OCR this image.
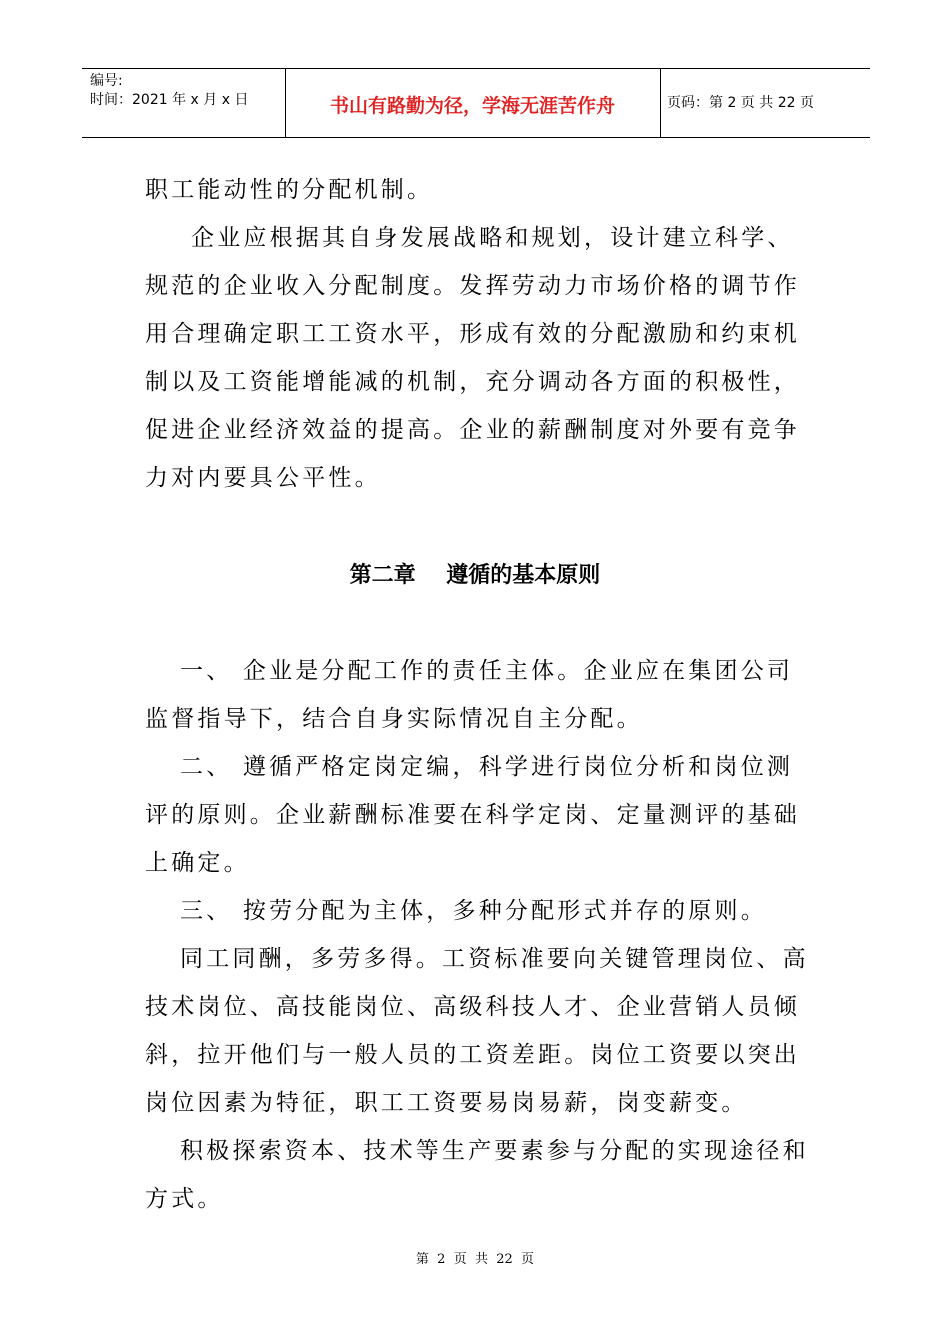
编号:
时间：2021 年 x 月 x 日	书山有路勤为径，学海无涯苦作舟	页码：第 2 页 共 22 页

职工能动性的分配机制。

企业应根据其自身发展战略和规划，设计建立科学、规范的企业收入分配制度。发挥劳动力市场价格的调节作用合理确定职工工资水平，形成有效的分配激励和约束机制以及工资能增能减的机制，充分调动各方面的积极性，促进企业经济效益的提高。企业的薪酬制度对外要有竞争力对内要具公平性。

第二章    遵循的基本原则

一、 企业是分配工作的责任主体。企业应在集团公司监督指导下，结合自身实际情况自主分配。

二、 遵循严格定岗定编，科学进行岗位分析和岗位测评的原则。企业薪酬标准要在科学定岗、定量测评的基础上确定。

三、 按劳分配为主体，多种分配形式并存的原则。

同工同酬，多劳多得。工资标准要向关键管理岗位、高技术岗位、高技能岗位、高级科技人才、企业营销人员倾斜，拉开他们与一般人员的工资差距。岗位工资要以突出岗位因素为特征，职工工资要易岗易薪，岗变薪变。

积极探索资本、技术等生产要素参与分配的实现途径和方式。

第  2  页  共  22  页
